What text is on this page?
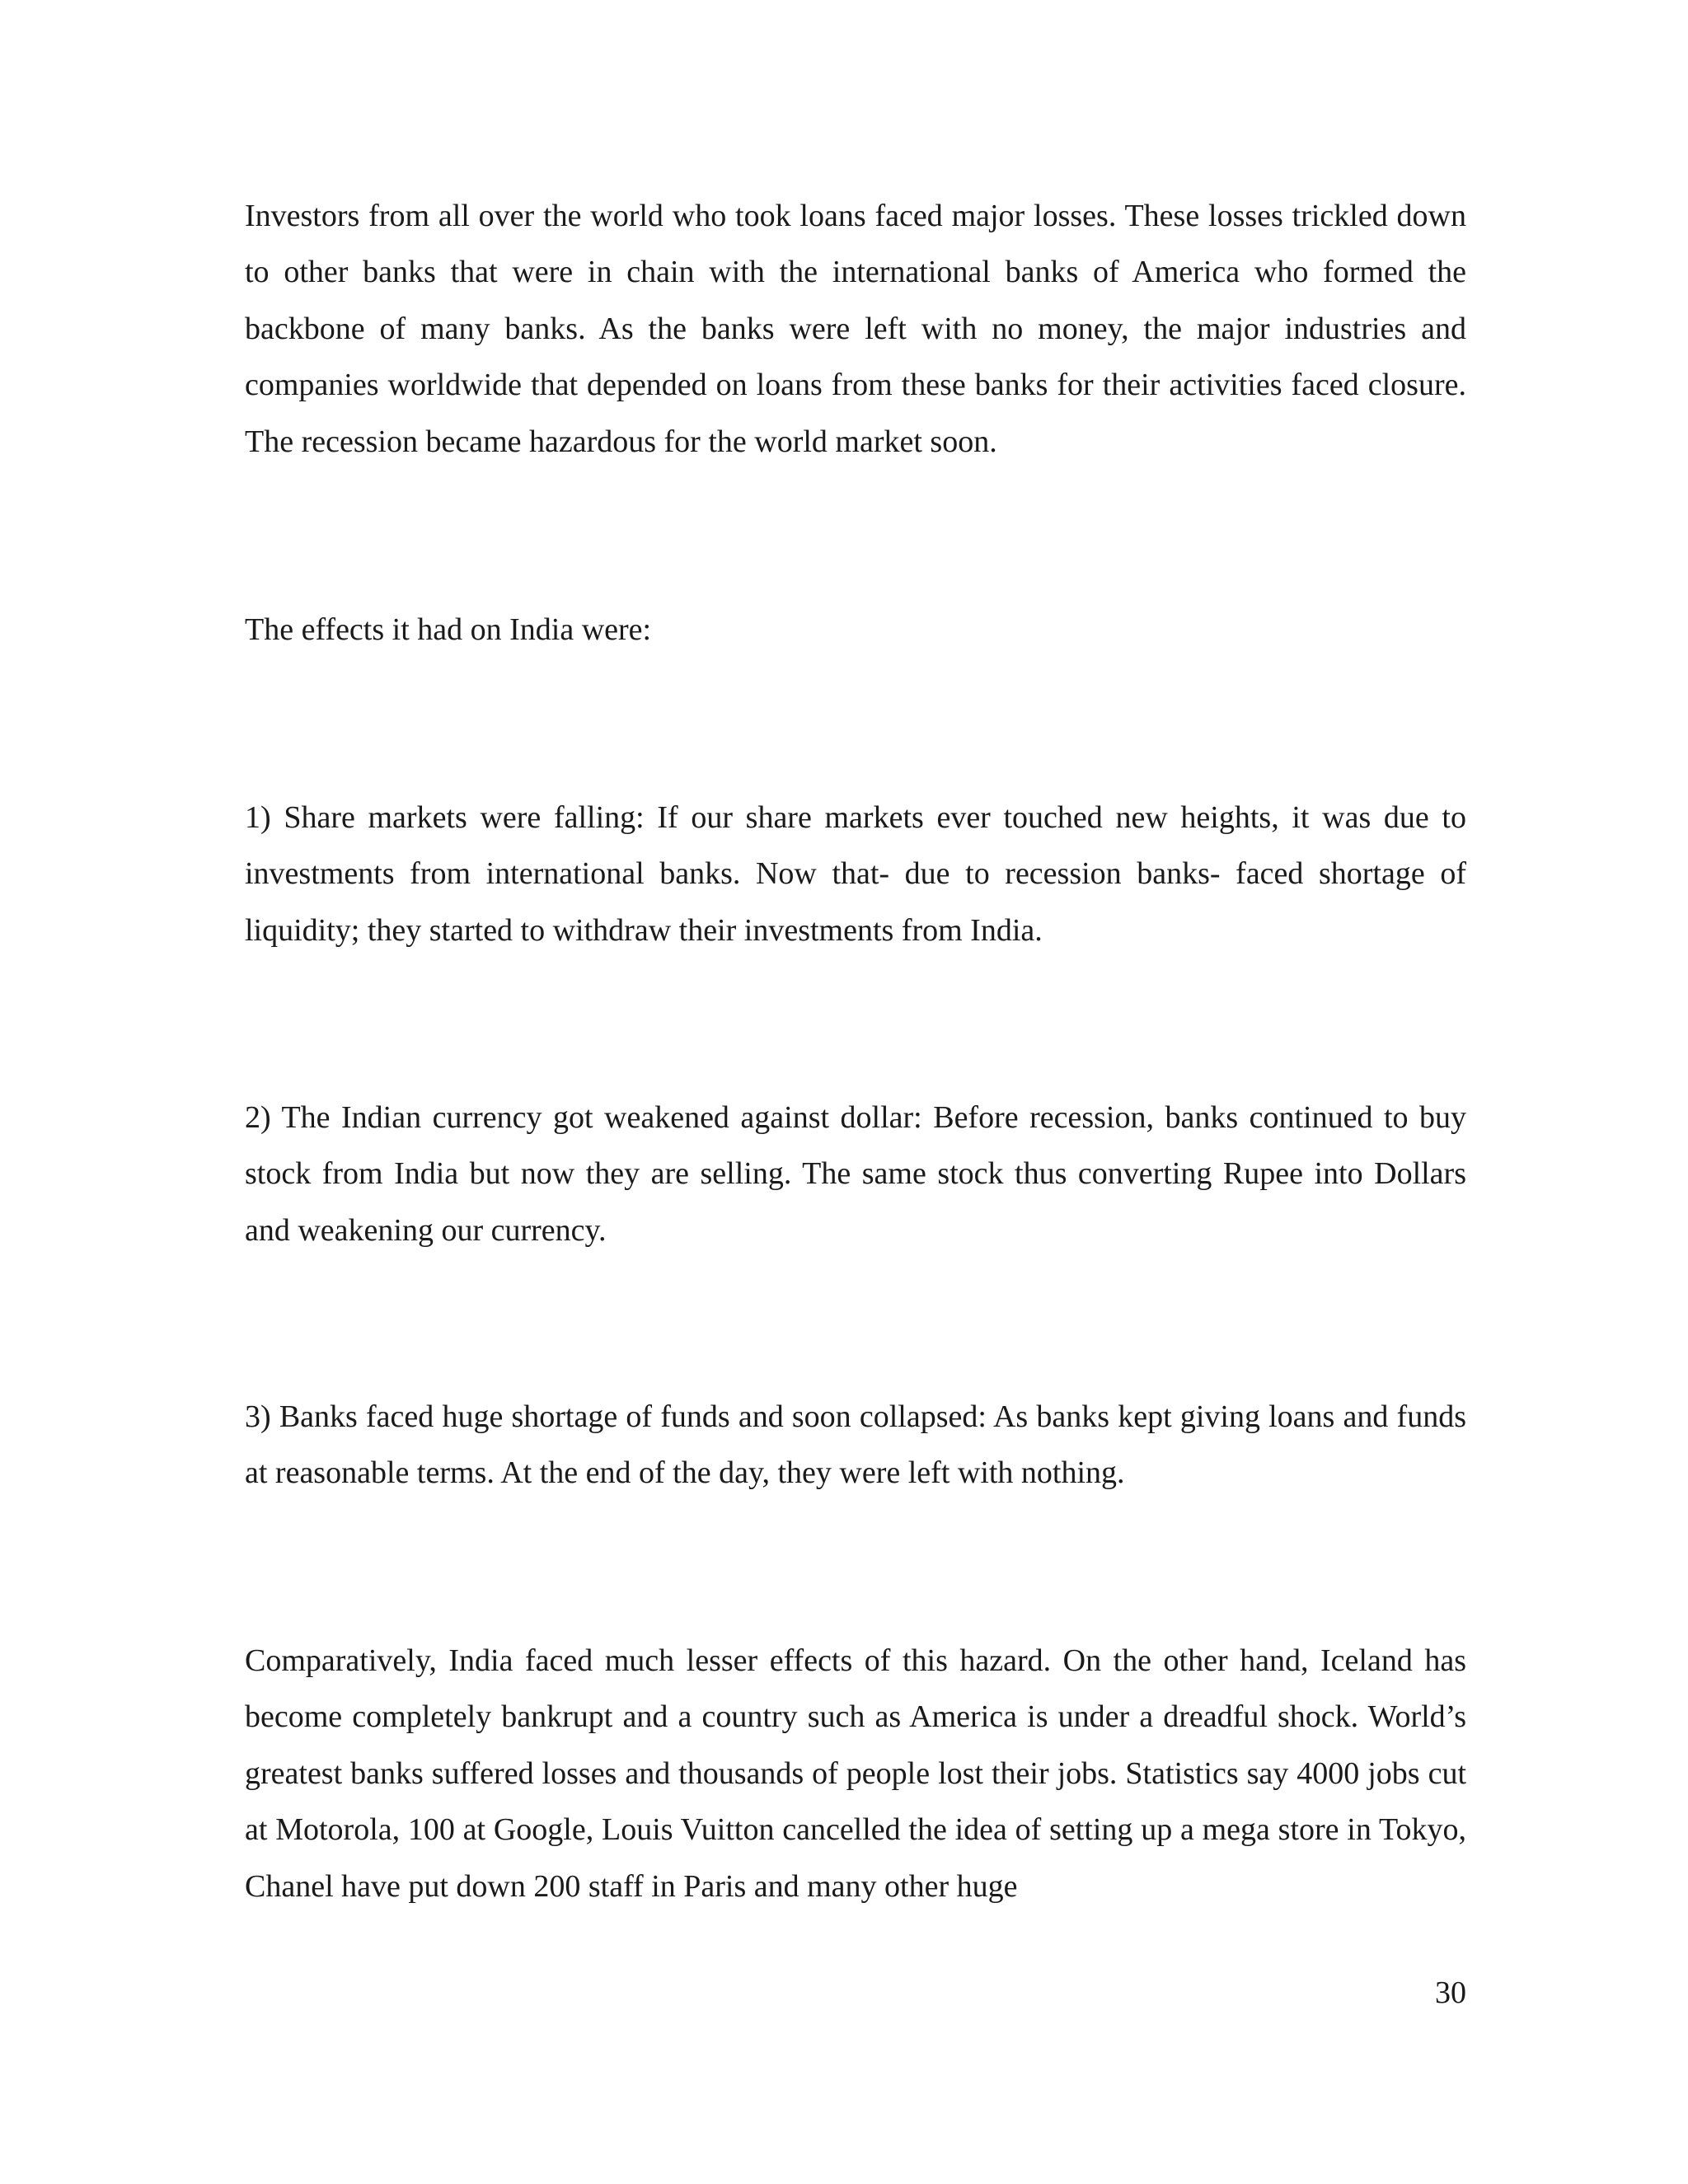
Investors from all over the world who took loans faced major losses. These losses trickled down to other banks that were in chain with the international banks of America who formed the backbone of many banks. As the banks were left with no money, the major industries and companies worldwide that depended on loans from these banks for their activities faced closure. The recession became hazardous for the world market soon.

The effects it had on India were:

1) Share markets were falling: If our share markets ever touched new heights, it was due to investments from international banks. Now that- due to recession banks- faced shortage of liquidity; they started to withdraw their investments from India.

2) The Indian currency got weakened against dollar: Before recession, banks continued to buy stock from India but now they are selling. The same stock thus converting Rupee into Dollars and weakening our currency.

3) Banks faced huge shortage of funds and soon collapsed: As banks kept giving loans and funds at reasonable terms. At the end of the day, they were left with nothing.

Comparatively, India faced much lesser effects of this hazard. On the other hand, Iceland has become completely bankrupt and a country such as America is under a dreadful shock. World’s greatest banks suffered losses and thousands of people lost their jobs. Statistics say 4000 jobs cut at Motorola, 100 at Google, Louis Vuitton cancelled the idea of setting up a mega store in Tokyo, Chanel have put down 200 staff in Paris and many other huge

30
